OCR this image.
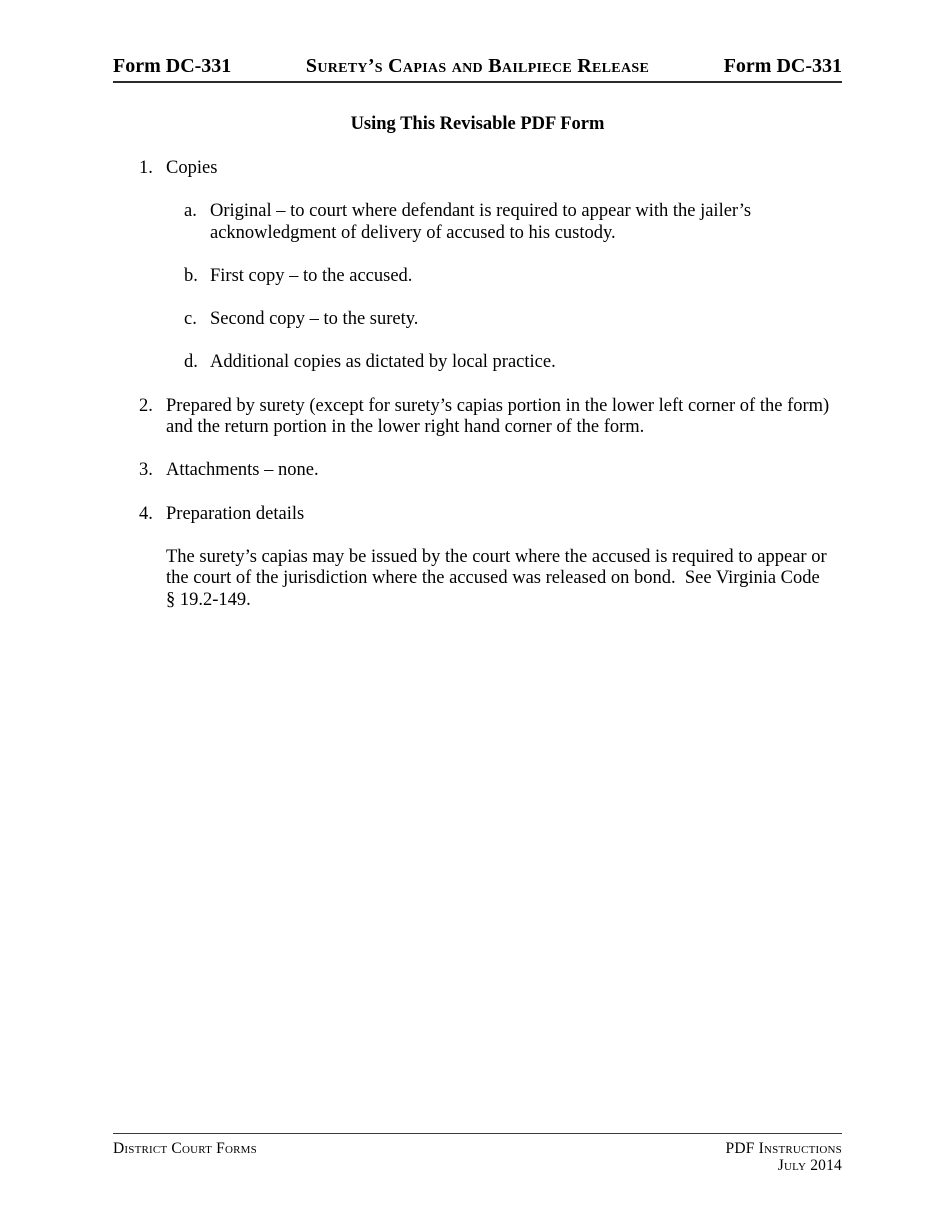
Form DC-331	Surety’s Capias and Bailpiece Release	Form DC-331
Using This Revisable PDF Form
1. Copies
a. Original – to court where defendant is required to appear with the jailer’s
acknowledgment of delivery of accused to his custody.
b. First copy – to the accused.
c. Second copy – to the surety.
d. Additional copies as dictated by local practice.
2. Prepared by surety (except for surety’s capias portion in the lower left corner of the form)
and the return portion in the lower right hand corner of the form.
3. Attachments – none.
4. Preparation details
The surety’s capias may be issued by the court where the accused is required to appear or
the court of the jurisdiction where the accused was released on bond.  See Virginia Code
§ 19.2-149.
District Court Forms	PDF Instructions
July 2014
